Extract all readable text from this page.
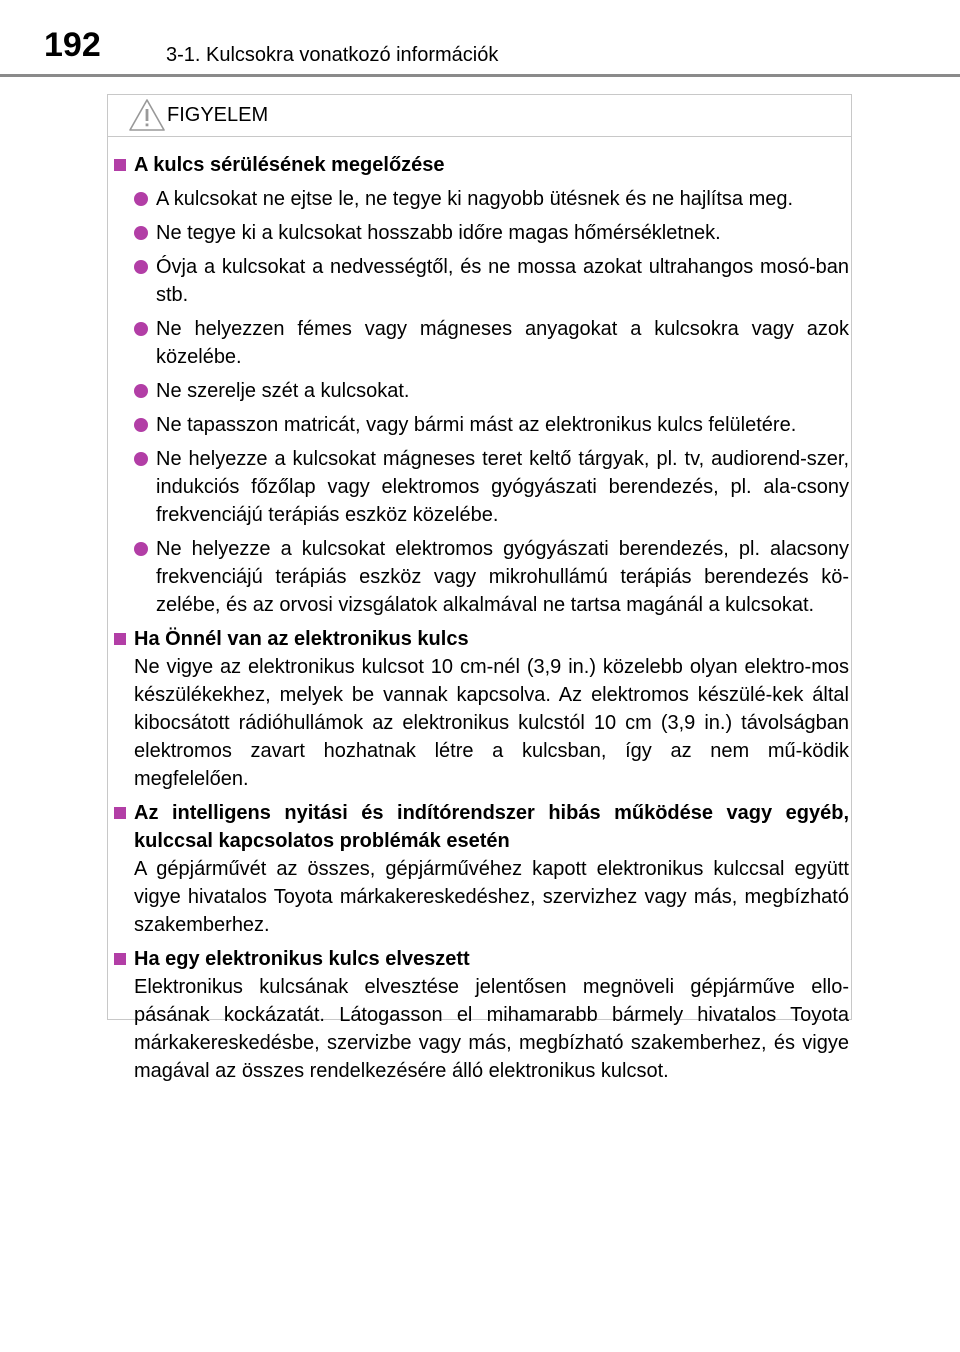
192	3-1. Kulcsokra vonatkozó információk
FIGYELEM
A kulcs sérülésének megelőzése
A kulcsokat ne ejtse le, ne tegye ki nagyobb ütésnek és ne hajlítsa meg.
Ne tegye ki a kulcsokat hosszabb időre magas hőmérsékletnek.
Óvja a kulcsokat a nedvességtől, és ne mossa azokat ultrahangos mosó-ban stb.
Ne helyezzen fémes vagy mágneses anyagokat a kulcsokra vagy azok közelébe.
Ne szerelje szét a kulcsokat.
Ne tapasszon matricát, vagy bármi mást az elektronikus kulcs felületére.
Ne helyezze a kulcsokat mágneses teret keltő tárgyak, pl. tv, audiorend-szer, indukciós főzőlap vagy elektromos gyógyászati berendezés, pl. ala-csony frekvenciájú terápiás eszköz közelébe.
Ne helyezze a kulcsokat elektromos gyógyászati berendezés, pl. alacsony frekvenciájú terápiás eszköz vagy mikrohullámú terápiás berendezés kö-zelébe, és az orvosi vizsgálatok alkalmával ne tartsa magánál a kulcsokat.
Ha Önnél van az elektronikus kulcs
Ne vigye az elektronikus kulcsot 10 cm-nél (3,9 in.) közelebb olyan elektro-mos készülékekhez, melyek be vannak kapcsolva. Az elektromos készülé-kek által kibocsátott rádióhullámok az elektronikus kulcstól 10 cm (3,9 in.) távolságban elektromos zavart hozhatnak létre a kulcsban, így az nem mű-ködik megfelelően.
Az intelligens nyitási és indítórendszer hibás működése vagy egyéb, kulccsal kapcsolatos problémák esetén
A gépjárművét az összes, gépjárművéhez kapott elektronikus kulccsal együtt vigye hivatalos Toyota márkakereskedéshez, szervizhez vagy más, megbízható szakemberhez.
Ha egy elektronikus kulcs elveszett
Elektronikus kulcsának elvesztése jelentősen megnöveli gépjárműve ello-pásának kockázatát. Látogasson el mihamarabb bármely hivatalos Toyota márkakereskedésbe, szervizbe vagy más, megbízható szakemberhez, és vigye magával az összes rendelkezésére álló elektronikus kulcsot.
